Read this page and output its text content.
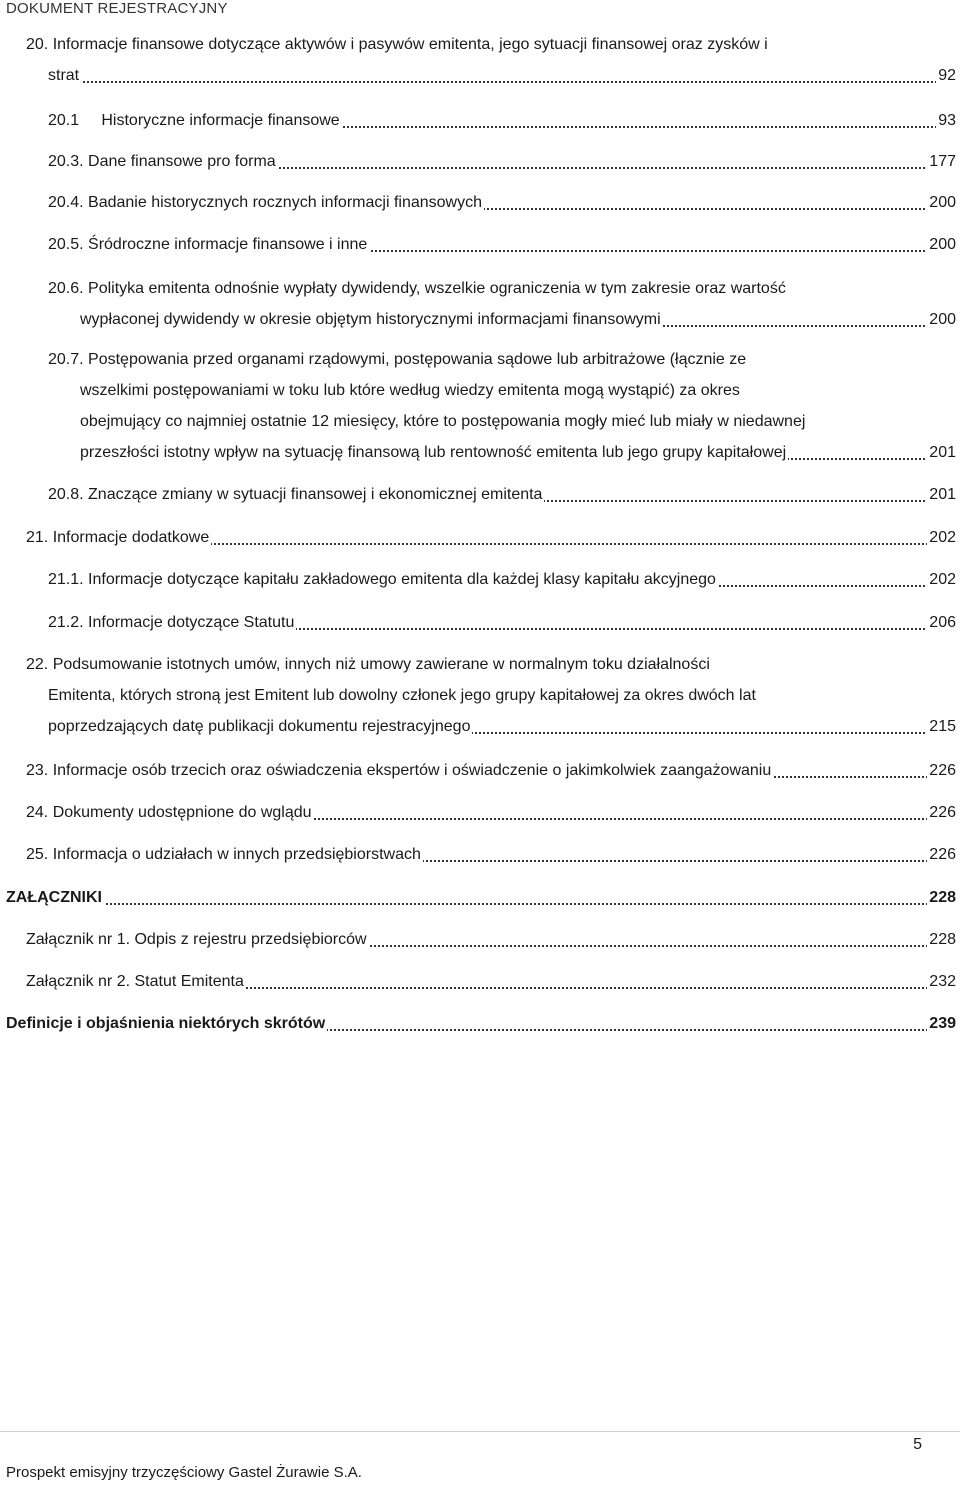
DOKUMENT REJESTRACYJNY
20. Informacje finansowe dotyczące aktywów i pasywów emitenta, jego sytuacji finansowej oraz zysków i
strat	92
20.1     Historyczne informacje finansowe	93
20.3. Dane finansowe pro forma	177
20.4. Badanie historycznych rocznych informacji finansowych	200
20.5. Śródroczne informacje finansowe i inne	200
20.6. Polityka emitenta odnośnie wypłaty dywidendy, wszelkie ograniczenia w tym zakresie oraz wartość
wypłaconej dywidendy w okresie objętym historycznymi informacjami finansowymi	200
20.7. Postępowania przed organami rządowymi, postępowania sądowe lub arbitrażowe (łącznie ze
wszelkimi postępowaniami w toku lub które według wiedzy emitenta mogą wystąpić) za okres
obejmujący co najmniej ostatnie 12 miesięcy, które to postępowania mogły mieć lub miały w niedawnej
przeszłości istotny wpływ na sytuację finansową lub rentowność emitenta lub jego grupy kapitałowej	201
20.8. Znaczące zmiany w sytuacji finansowej i ekonomicznej emitenta	201
21. Informacje dodatkowe	202
21.1. Informacje dotyczące kapitału zakładowego emitenta dla każdej klasy kapitału akcyjnego	202
21.2. Informacje dotyczące Statutu	206
22. Podsumowanie istotnych umów, innych niż umowy zawierane w normalnym toku działalności
Emitenta, których stroną jest Emitent lub dowolny członek jego grupy kapitałowej za okres dwóch lat
poprzedzających datę publikacji dokumentu rejestracyjnego	215
23. Informacje osób trzecich oraz oświadczenia ekspertów i oświadczenie o jakimkolwiek zaangażowaniu	226
24. Dokumenty udostępnione do wglądu	226
25. Informacja o udziałach w innych przedsiębiorstwach	226
ZAŁĄCZNIKI	228
Załącznik nr 1. Odpis z rejestru przedsiębiorców	228
Załącznik nr 2. Statut Emitenta	232
Definicje i objaśnienia niektórych skrótów	239
5
Prospekt emisyjny trzyczęściowy Gastel Żurawie S.A.
